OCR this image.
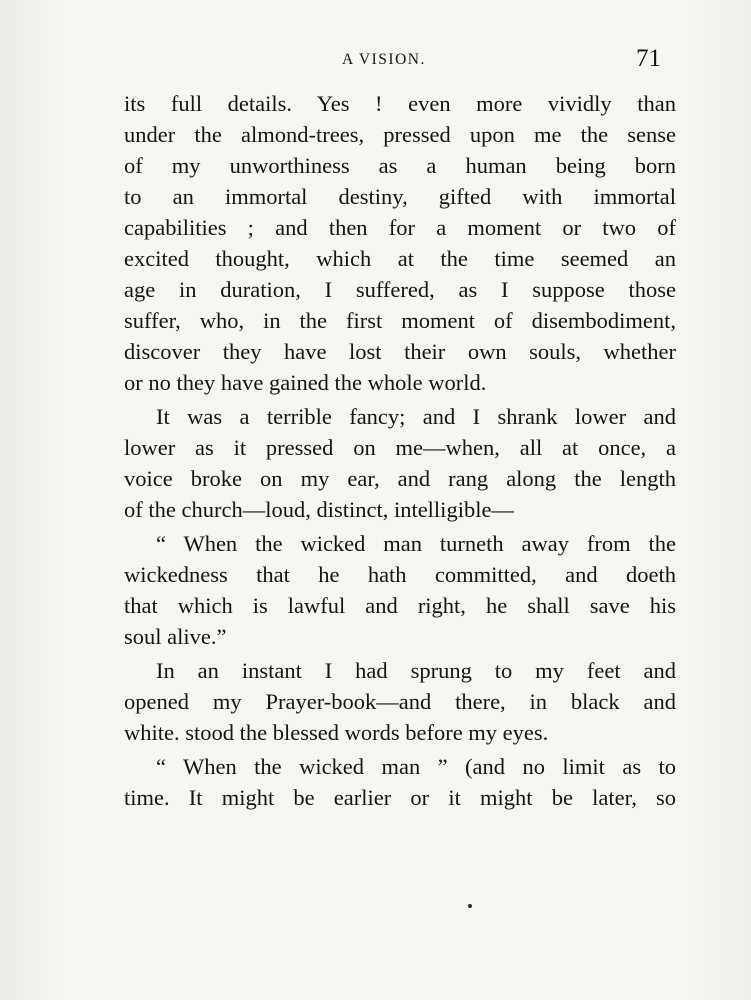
A VISION.	71
its full details. Yes ! even more vividly than
under the almond-trees, pressed upon me the sense
of my unworthiness as a human being born
to an immortal destiny, gifted with immortal
capabilities ; and then for a moment or two of
excited thought, which at the time seemed an
age in duration, I suffered, as I suppose those
suffer, who, in the first moment of disembodiment,
discover they have lost their own souls, whether
or no they have gained the whole world.
It was a terrible fancy; and I shrank lower and
lower as it pressed on me—when, all at once, a
voice broke on my ear, and rang along the length
of the church—loud, distinct, intelligible—
“ When the wicked man turneth away from the
wickedness that he hath committed, and doeth
that which is lawful and right, he shall save his
soul alive.”
In an instant I had sprung to my feet and
opened my Prayer-book—and there, in black and
white. stood the blessed words before my eyes.
“ When the wicked man ” (and no limit as to
time. It might be earlier or it might be later, so
